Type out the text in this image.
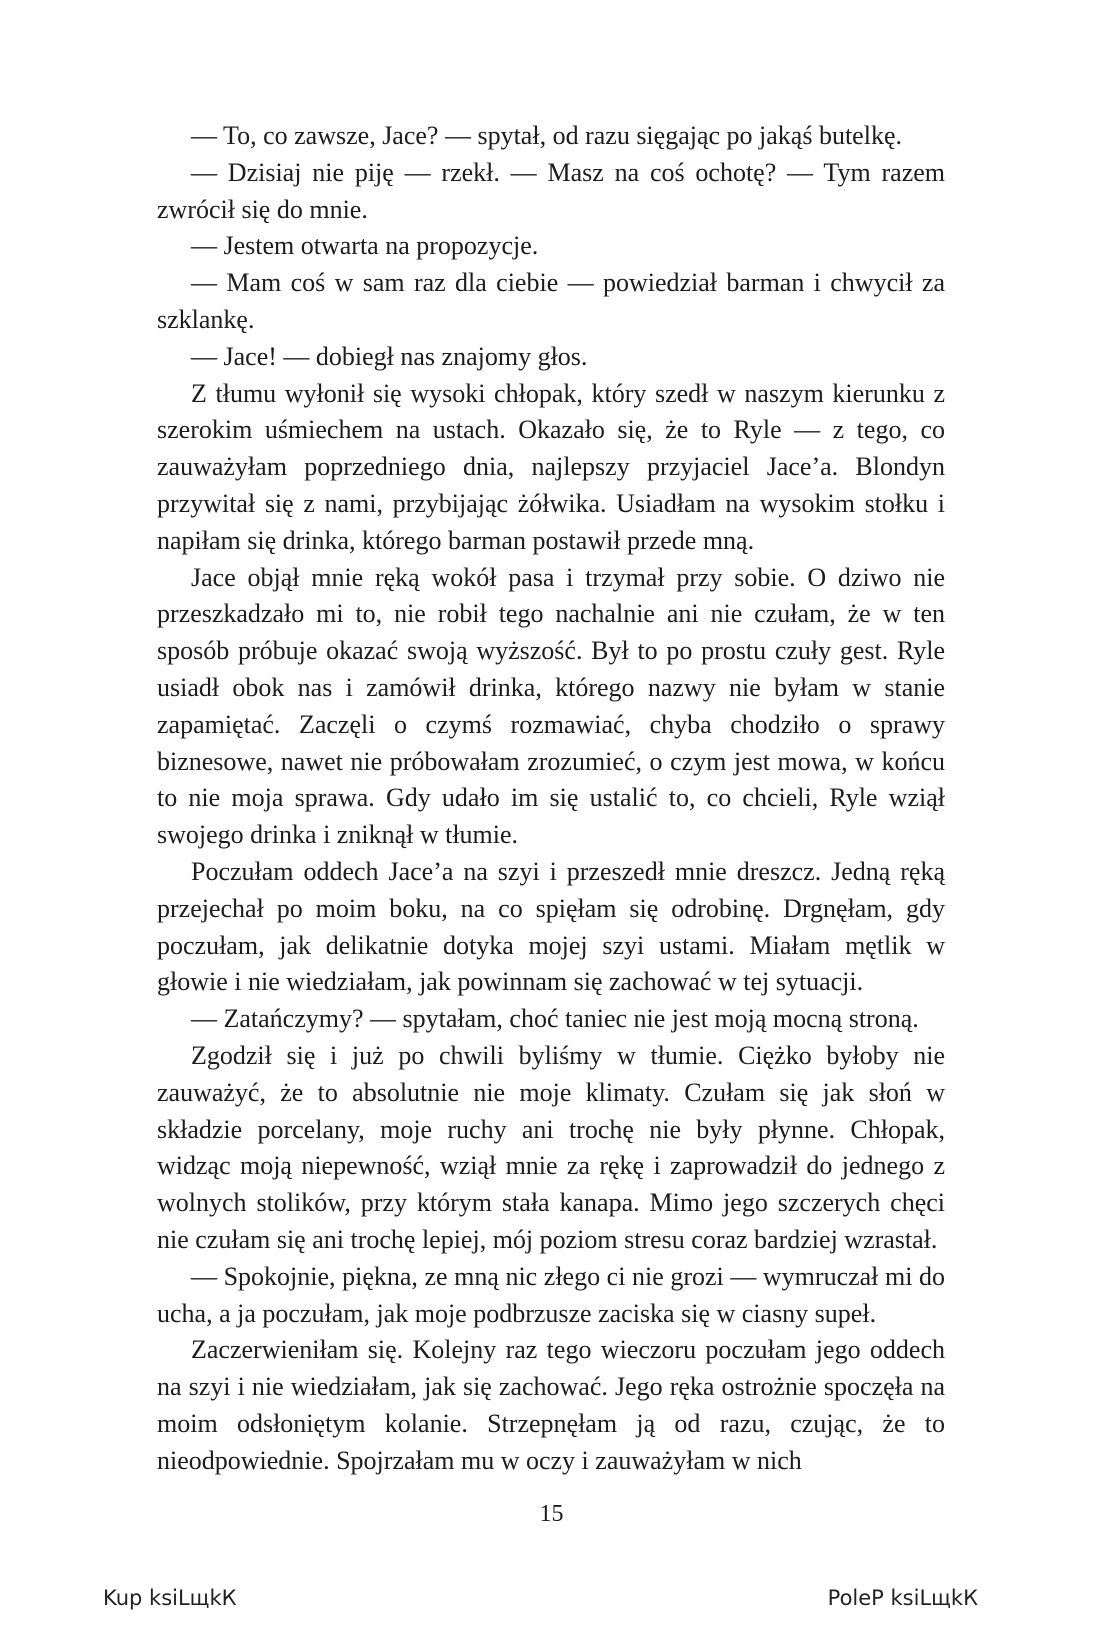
— To, co zawsze, Jace? — spytał, od razu sięgając po jakąś butelkę.

— Dzisiaj nie piję — rzekł. — Masz na coś ochotę? — Tym razem zwrócił się do mnie.

— Jestem otwarta na propozycje.

— Mam coś w sam raz dla ciebie — powiedział barman i chwycił za szklankę.

— Jace! — dobiegł nas znajomy głos.

Z tłumu wyłonił się wysoki chłopak, który szedł w naszym kierunku z szerokim uśmiechem na ustach. Okazało się, że to Ryle — z tego, co zauważyłam poprzedniego dnia, najlepszy przyjaciel Jace’a. Blondyn przywitał się z nami, przybijając żółwika. Usiadłam na wysokim stołku i napiłam się drinka, którego barman postawił przede mną.

Jace objął mnie ręką wokół pasa i trzymał przy sobie. O dziwo nie przeszkadzało mi to, nie robił tego nachalnie ani nie czułam, że w ten sposób próbuje okazać swoją wyższość. Był to po prostu czuły gest. Ryle usiadł obok nas i zamówił drinka, którego nazwy nie byłam w stanie zapamiętać. Zaczęli o czymś rozmawiać, chyba chodziło o sprawy biznesowe, nawet nie próbowałam zrozumieć, o czym jest mowa, w końcu to nie moja sprawa. Gdy udało im się ustalić to, co chcieli, Ryle wziął swojego drinka i zniknął w tłumie.

Poczułam oddech Jace’a na szyi i przeszedł mnie dreszcz. Jedną ręką przejechał po moim boku, na co spięłam się odrobinę. Drgnęłam, gdy poczułam, jak delikatnie dotyka mojej szyi ustami. Miałam mętlik w głowie i nie wiedziałam, jak powinnam się zachować w tej sytuacji.

— Zatańczymy? — spytałam, choć taniec nie jest moją mocną stroną.

Zgodził się i już po chwili byliśmy w tłumie. Ciężko byłoby nie zauważyć, że to absolutnie nie moje klimaty. Czułam się jak słoń w składzie porcelany, moje ruchy ani trochę nie były płynne. Chłopak, widząc moją niepewność, wziął mnie za rękę i zaprowadził do jednego z wolnych stolików, przy którym stała kanapa. Mimo jego szczerych chęci nie czułam się ani trochę lepiej, mój poziom stresu coraz bardziej wzrastał.

— Spokojnie, piękna, ze mną nic złego ci nie grozi — wymruczał mi do ucha, a ja poczułam, jak moje podbrzusze zaciska się w ciasny supeł.

Zaczerwieniłam się. Kolejny raz tego wieczoru poczułam jego oddech na szyi i nie wiedziałam, jak się zachować. Jego ręka ostrożnie spoczęła na moim odsłoniętym kolanie. Strzepnęłam ją od razu, czując, że to nieodpowiednie. Spojrzałam mu w oczy i zauważyłam w nich

15
Kup ksiLщkК	PoleР ksiLщkК
